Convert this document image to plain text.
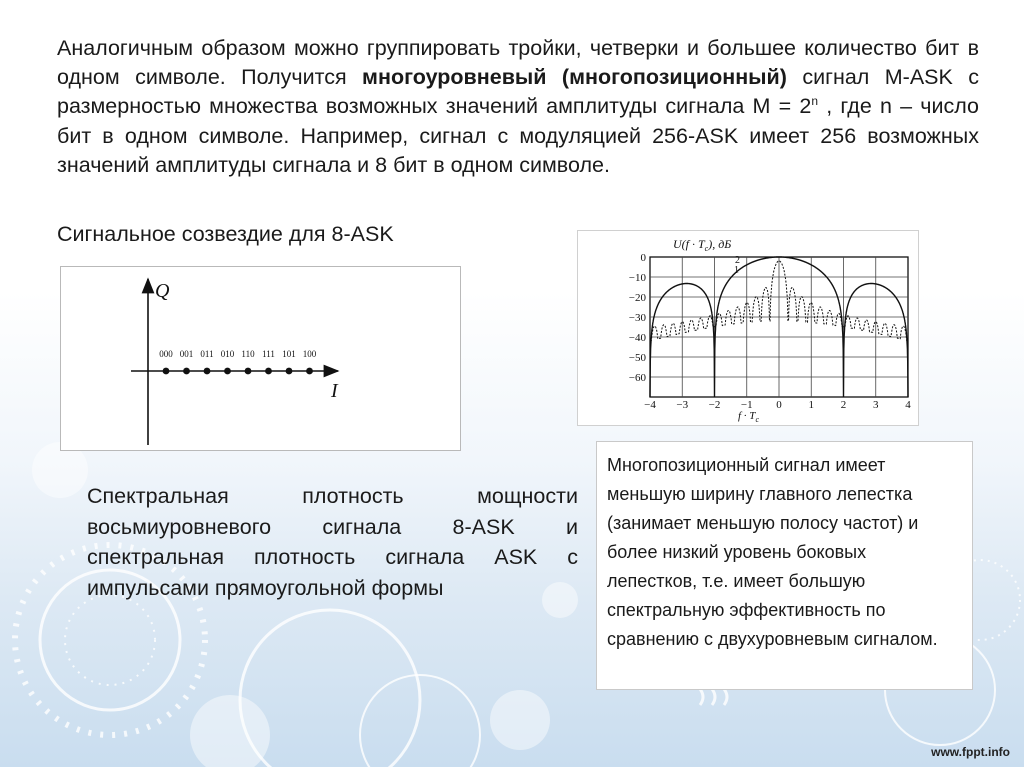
Аналогичным образом можно группировать тройки, четверки и большее количество бит в одном символе. Получится многоуровневый (многопозиционный) сигнал M-ASK с размерностью множества возможных значений амплитуды сигнала $М = 2^n$ , где n – число бит в одном символе. Например, сигнал с модуляцией 256-ASK имеет 256 возможных значений амплитуды сигнала и 8 бит в одном символе.

Сигнальное созвездие для 8-ASK
Q
I
000 001 011 010 110 111 101 100
$U(f \cdot T_c)$, дБ
0
−10
−20
−30
−40
−50
−60
−4 −3 −2 −1 0 1 2 3 4
1
2
$f \cdot T_c$

Спектральная плотность мощности восьмиуровневого сигнала 8-ASK и спектральная плотность сигнала ASK с импульсами прямоугольной формы

Многопозиционный сигнал имеет меньшую ширину главного лепестка (занимает меньшую полосу частот) и более низкий уровень боковых лепестков, т.е. имеет большую спектральную эффективность по сравнению с двухуровневым сигналом.

www.fppt.info
